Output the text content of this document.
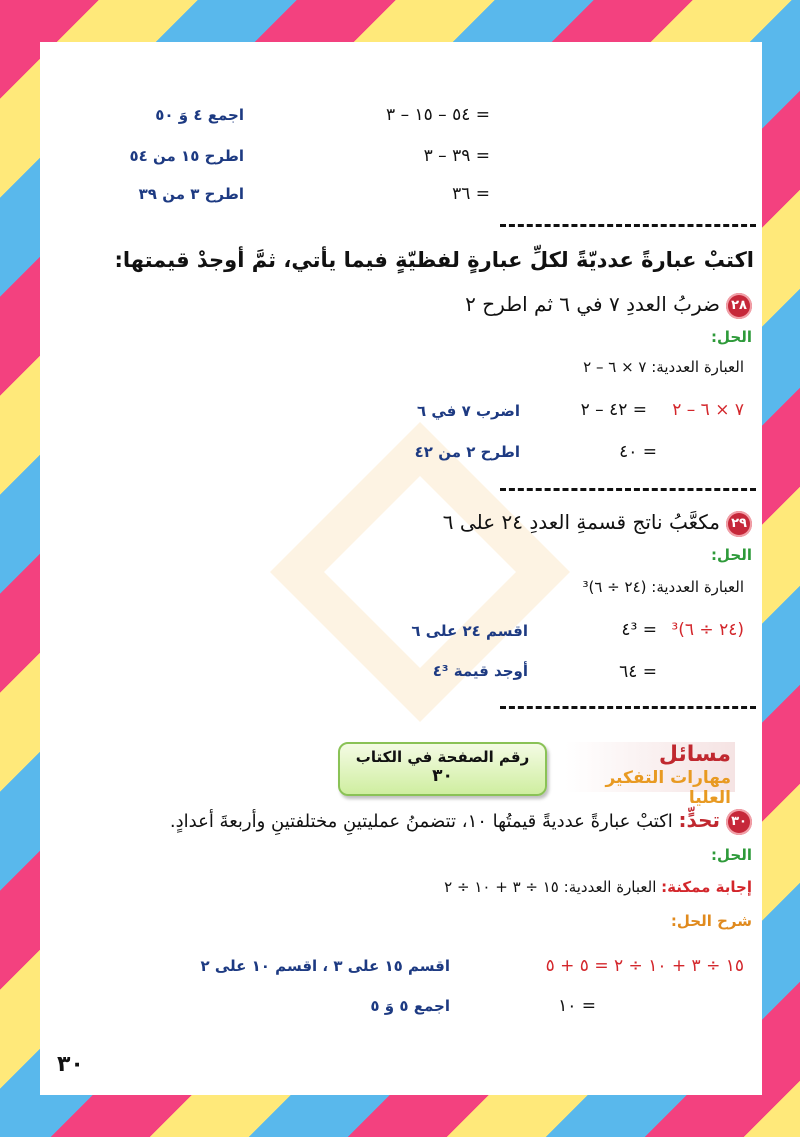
= ٥٤ – ١٥ – ٣
اجمع ٤ وَ ٥٠
= ٣٩ – ٣
اطرح ١٥ من ٥٤
= ٣٦
اطرح ٣ من ٣٩
اكتبْ عبارةً عدديّةً لكلِّ عبارةٍ لفظيّةٍ فيما يأتي، ثمَّ أوجدْ قيمتها:
٢٨ضربُ العددِ ٧ في ٦ ثم اطرح ٢
الحل:
العبارة العددية: ٧ × ٦ – ٢
٧ × ٦ – ٢
= ٤٢ – ٢
اضرب ٧ في ٦
= ٤٠
اطرح ٢ من ٤٢
٢٩مكعَّبُ ناتج قسمةِ العددِ ٢٤ على ٦
الحل:
العبارة العددية: (٢٤ ÷ ٦)³
(٢٤ ÷ ٦)³
= ٤³
اقسم ٢٤ على ٦
= ٦٤
أوجد قيمة ٤³
رقم الصفحة في الكتاب
٣٠
مسائل
مهارات التفكير العليا
٣٠تحدٍّ: اكتبْ عبارةً عدديةً قيمتُها ١٠، تتضمنُ عمليتينِ مختلفتينِ وأربعةَ أعدادٍ.
الحل:
إجابة ممكنة: العبارة العددية: ١٥ ÷ ٣ + ١٠ ÷ ٢
شرح الحل:
١٥ ÷ ٣ + ١٠ ÷ ٢ = ٥ + ٥
اقسم ١٥ على ٣ ، اقسم ١٠ على ٢
= ١٠
اجمع ٥ وَ ٥
٣٠
